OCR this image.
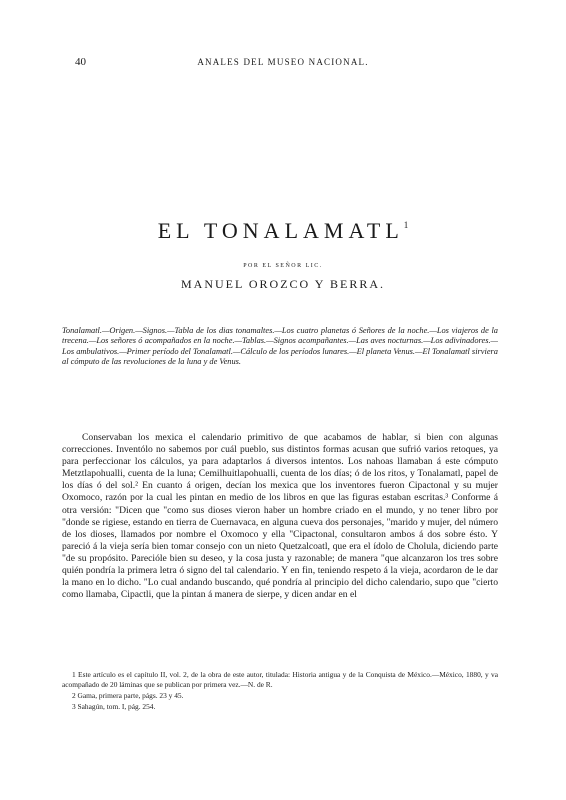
40	ANALES DEL MUSEO NACIONAL.
EL TONALAMATL$^1$
POR EL SEÑOR LIC.
MANUEL OROZCO Y BERRA.
Tonalamatl.—Origen.—Signos.—Tabla de los dias tonamaltes.—Los cuatro planetas ó Señores de la noche.—Los viajeros de la trecena.—Los señores ó acompañados en la noche.—Tablas.—Signos acompañantes.—Las aves nocturnas.—Los adivinadores.—Los ambulativos.—Primer período del Tonalamatl.—Cálculo de los períodos lunares.—El planeta Venus.—El Tonalamatl sirviera al cómputo de las revoluciones de la luna y de Venus.

Conservaban los mexica el calendario primitivo de que acabamos de hablar, si bien con algunas correcciones. Inventólo no sabemos por cuál pueblo, sus distintos formas acusan que sufrió varios retoques, ya para perfeccionar los cálculos, ya para adaptarlos á diversos intentos. Los nahoas llamaban á este cómputo Metztlapohualli, cuenta de la luna; Cemilhuitlapohualli, cuenta de los días; ó de los ritos, y Tonalamatl, papel de los días ó del sol.² En cuanto á origen, decían los mexica que los inventores fueron Cipactonal y su mujer Oxomoco, razón por la cual les pintan en medio de los libros en que las figuras estaban escritas.³ Conforme á otra versión: "Dicen que "como sus dioses vieron haber un hombre criado en el mundo, y no tener libro por "donde se rigiese, estando en tierra de Cuernavaca, en alguna cueva dos personajes, "marido y mujer, del número de los dioses, llamados por nombre el Oxomoco y ella "Cipactonal, consultaron ambos á dos sobre ésto. Y pareció á la vieja sería bien tomar consejo con un nieto Quetzalcoatl, que era el ídolo de Cholula, diciendo parte "de su propósito. Parecióle bien su deseo, y la cosa justa y razonable; de manera "que alcanzaron los tres sobre quién pondría la primera letra ó signo del tal calendario. Y en fin, teniendo respeto á la vieja, acordaron de le dar la mano en lo dicho. "Lo cual andando buscando, qué pondría al principio del dicho calendario, supo que "cierto como llamaba, Cipactli, que la pintan á manera de sierpe, y dicen andar en el

1 Este artículo es el capítulo II, vol. 2, de la obra de este autor, titulada: Historia antigua y de la Conquista de México.—México, 1880, y va acompañado de 20 láminas que se publican por primera vez.—N. de R.

2 Gama, primera parte, págs. 23 y 45.

3 Sahagún, tom. I, pág. 254.
